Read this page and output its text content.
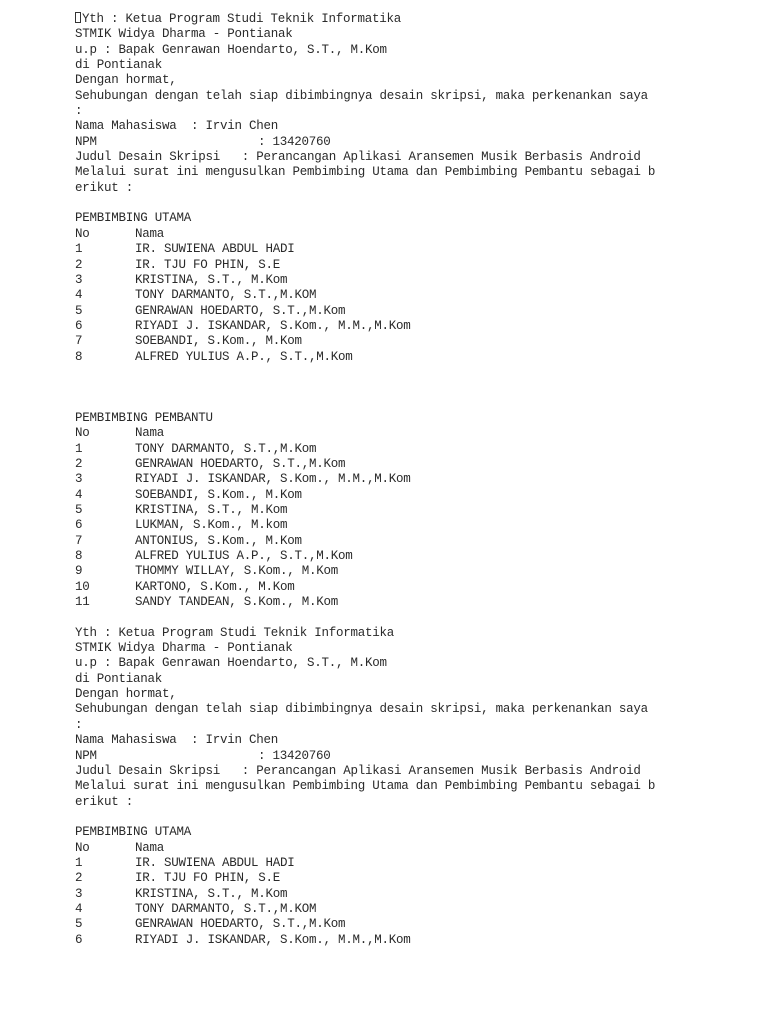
Yth : Ketua Program Studi Teknik Informatika
STMIK Widya Dharma - Pontianak
u.p : Bapak Genrawan Hoendarto, S.T., M.Kom
di Pontianak
Dengan hormat,
Sehubungan dengan telah siap dibimbingnya desain skripsi, maka perkenankan saya
:
Nama Mahasiswa  : Irvin Chen
NPM	: 13420760
Judul Desain Skripsi   : Perancangan Aplikasi Aransemen Musik Berbasis Android
Melalui surat ini mengusulkan Pembimbing Utama dan Pembimbing Pembantu sebagai b
erikut :
PEMBIMBING UTAMA
No	Nama
1	IR. SUWIENA ABDUL HADI
2	IR. TJU FO PHIN, S.E
3	KRISTINA, S.T., M.Kom
4	TONY DARMANTO, S.T.,M.KOM
5	GENRAWAN HOEDARTO, S.T.,M.Kom
6	RIYADI J. ISKANDAR, S.Kom., M.M.,M.Kom
7	SOEBANDI, S.Kom., M.Kom
8	ALFRED YULIUS A.P., S.T.,M.Kom
PEMBIMBING PEMBANTU
No	Nama
1	TONY DARMANTO, S.T.,M.Kom
2	GENRAWAN HOEDARTO, S.T.,M.Kom
3	RIYADI J. ISKANDAR, S.Kom., M.M.,M.Kom
4	SOEBANDI, S.Kom., M.Kom
5	KRISTINA, S.T., M.Kom
6	LUKMAN, S.Kom., M.kom
7	ANTONIUS, S.Kom., M.Kom
8	ALFRED YULIUS A.P., S.T.,M.Kom
9	THOMMY WILLAY, S.Kom., M.Kom
10	KARTONO, S.Kom., M.Kom
11	SANDY TANDEAN, S.Kom., M.Kom
Yth : Ketua Program Studi Teknik Informatika
STMIK Widya Dharma - Pontianak
u.p : Bapak Genrawan Hoendarto, S.T., M.Kom
di Pontianak
Dengan hormat,
Sehubungan dengan telah siap dibimbingnya desain skripsi, maka perkenankan saya
:
Nama Mahasiswa  : Irvin Chen
NPM	: 13420760
Judul Desain Skripsi   : Perancangan Aplikasi Aransemen Musik Berbasis Android
Melalui surat ini mengusulkan Pembimbing Utama dan Pembimbing Pembantu sebagai b
erikut :
PEMBIMBING UTAMA
No	Nama
1	IR. SUWIENA ABDUL HADI
2	IR. TJU FO PHIN, S.E
3	KRISTINA, S.T., M.Kom
4	TONY DARMANTO, S.T.,M.KOM
5	GENRAWAN HOEDARTO, S.T.,M.Kom
6	RIYADI J. ISKANDAR, S.Kom., M.M.,M.Kom
